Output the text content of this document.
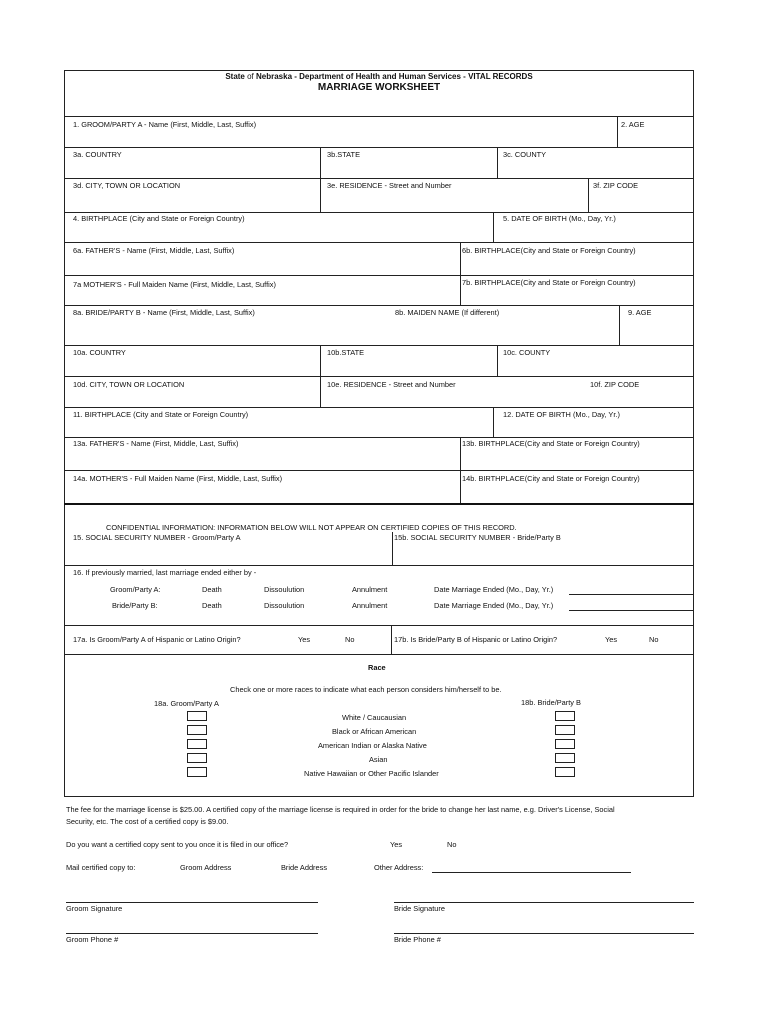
State of Nebraska - Department of Health and Human Services - VITAL RECORDS
MARRIAGE WORKSHEET
1. GROOM/PARTY A - Name (First, Middle, Last, Suffix)	2. AGE
3a. COUNTRY	3b.STATE	3c. COUNTY
3d. CITY, TOWN OR LOCATION	3e. RESIDENCE - Street and Number	3f. ZIP CODE
4. BIRTHPLACE (City and State or Foreign Country)	5. DATE OF BIRTH (Mo., Day, Yr.)
6a. FATHER'S - Name (First, Middle, Last, Suffix)	6b. BIRTHPLACE(City and State or Foreign Country)
7a MOTHER'S - Full Maiden Name (First, Middle, Last, Suffix)	7b. BIRTHPLACE(City and State or Foreign Country)
8a. BRIDE/PARTY B - Name (First, Middle, Last, Suffix)	8b. MAIDEN NAME (If different)	9. AGE
10a. COUNTRY	10b.STATE	10c. COUNTY
10d. CITY, TOWN OR LOCATION	10e. RESIDENCE - Street and Number	10f. ZIP CODE
11. BIRTHPLACE (City and State or Foreign Country)	12. DATE OF BIRTH (Mo., Day, Yr.)
13a. FATHER'S - Name (First, Middle, Last, Suffix)	13b. BIRTHPLACE(City and State or Foreign Country)
14a. MOTHER'S - Full Maiden Name (First, Middle, Last, Suffix)	14b. BIRTHPLACE(City and State or Foreign Country)
CONFIDENTIAL INFORMATION: INFORMATION BELOW WILL NOT APPEAR ON CERTIFIED COPIES OF THIS RECORD.
15. SOCIAL SECURITY NUMBER - Groom/Party A	15b. SOCIAL SECURITY NUMBER - Bride/Party B
16. If previously married, last marriage ended either by -
Groom/Party A:	Death	Dissoulution	Annulment	Date Marriage Ended (Mo., Day, Yr.)
Bride/Party B:	Death	Dissoulution	Annulment	Date Marriage Ended (Mo., Day, Yr.)
17a. Is Groom/Party A of Hispanic or Latino Origin?	Yes	No	17b. Is Bride/Party B of Hispanic or Latino Origin?	Yes	No
Race
Check one or more races to indicate what each person considers him/herself to be.
18a. Groom/Party A	18b. Bride/Party B
White / Caucausian
Black or African American
American Indian or Alaska Native
Asian
Native Hawaiian or Other Pacific Islander
The fee for the marriage license is $25.00. A certified copy of the marriage license is required in order for the bride to change her last name, e.g. Driver's License, Social
Security, etc. The cost of a certified copy is $9.00.
Do you want a certified copy sent to you once it is filed in our office?	Yes	No
Mail certified copy to:	Groom Address	Bride Address	Other Address:
Groom Signature	Bride Signature
Groom Phone #	Bride Phone #
